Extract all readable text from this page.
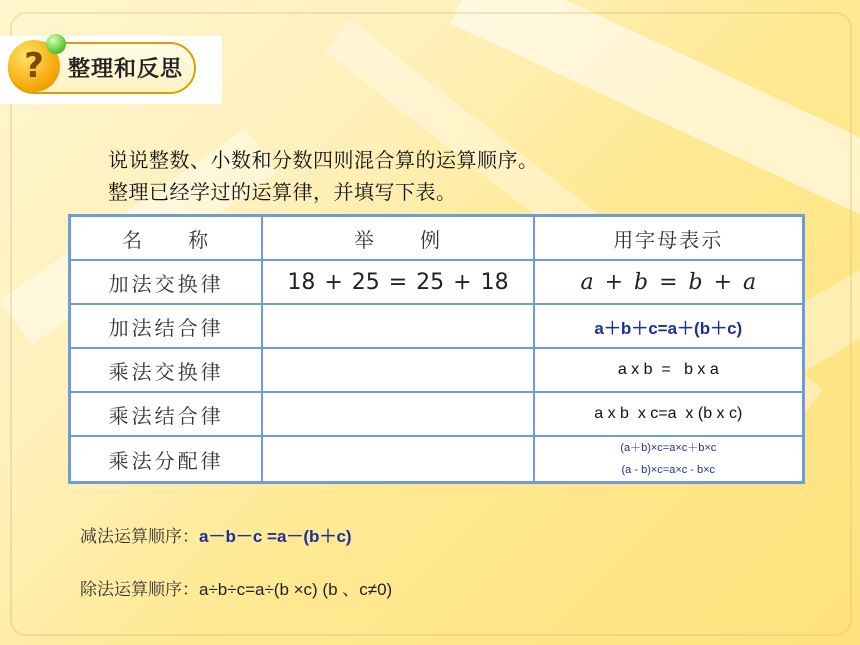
?	整理和反思
说说整数、小数和分数四则混合算的运算顺序。
整理已经学过的运算律，并填写下表。
名　　称	举　　例	用字母表示
加法交换律	18 + 25 = 25 + 18	a + b = b + a
加法结合律		a＋b＋c=a＋(b＋c)
乘法交换律		a x b  =   b x a
乘法结合律		a x b  x c=a  x (b x c)
乘法分配律		(a＋b)×c=a×c＋b×c
(a - b)×c=a×c - b×c
减法运算顺序：a－b－c =a－(b＋c)
除法运算顺序：a÷b÷c=a÷(b ×c) (b 、c≠0)
